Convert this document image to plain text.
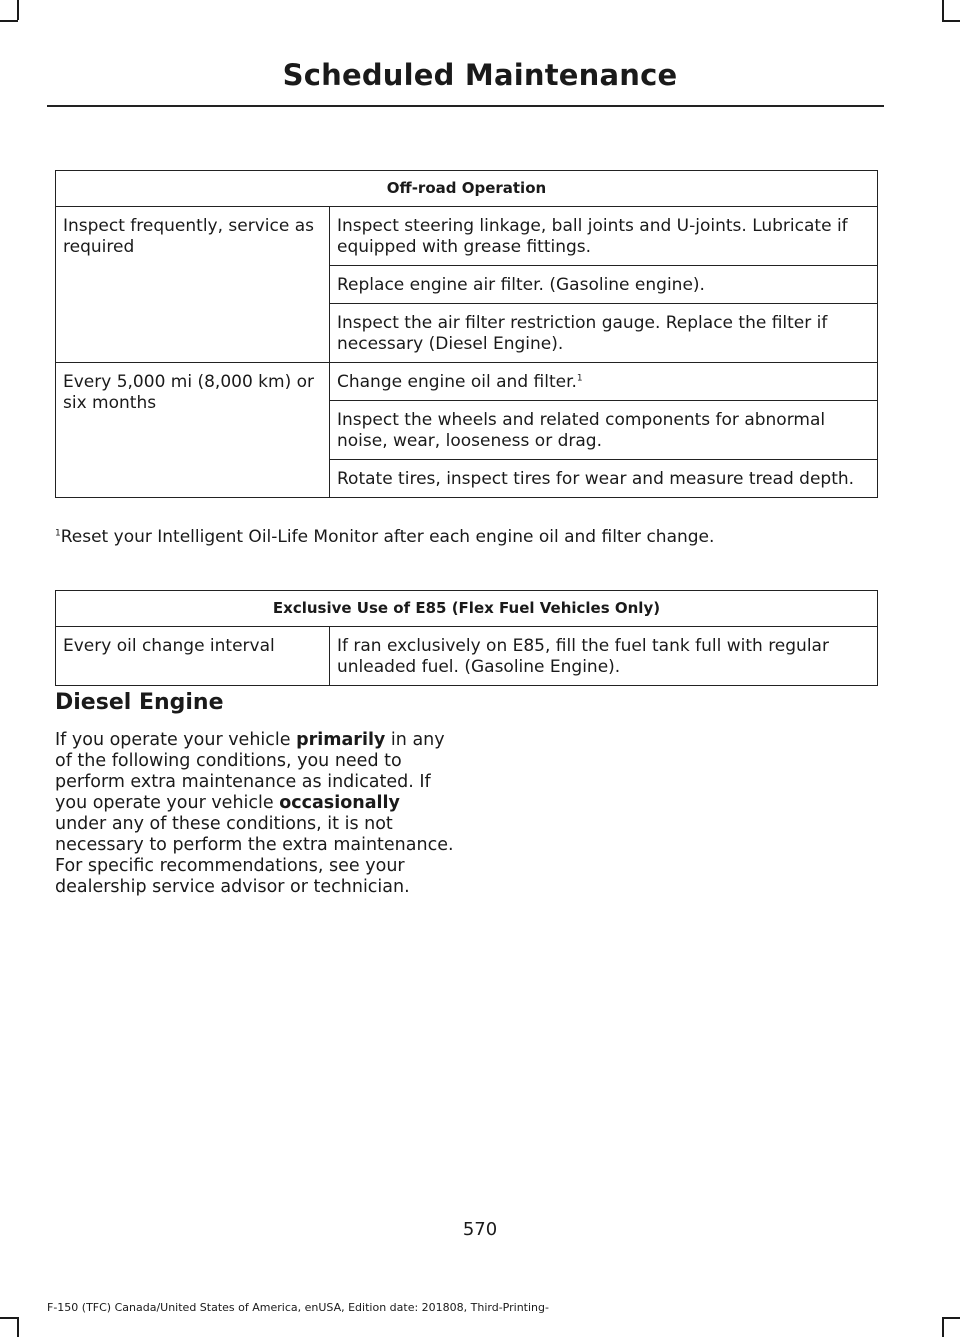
Scheduled Maintenance
Off-road Operation	
Inspect frequently, service as required	Inspect steering linkage, ball joints and U-joints. Lubricate if equipped with grease fittings.
	Replace engine air filter. (Gasoline engine).
	Inspect the air filter restriction gauge. Replace the filter if necessary (Diesel Engine).
Every 5,000 mi (8,000 km) or six months	Change engine oil and filter.$^1$
	Inspect the wheels and related components for abnormal noise, wear, looseness or drag.
	Rotate tires, inspect tires for wear and measure tread depth.
$^1$Reset your Intelligent Oil-Life Monitor after each engine oil and filter change.
Exclusive Use of E85 (Flex Fuel Vehicles Only)
Every oil change interval	If ran exclusively on E85, fill the fuel tank full with regular unleaded fuel. (Gasoline Engine).
Diesel Engine
If you operate your vehicle primarily in any of the following conditions, you need to perform extra maintenance as indicated. If you operate your vehicle occasionally under any of these conditions, it is not necessary to perform the extra maintenance. For specific recommendations, see your dealership service advisor or technician.
570
F-150 (TFC) Canada/United States of America, enUSA, Edition date: 201808, Third-Printing-
